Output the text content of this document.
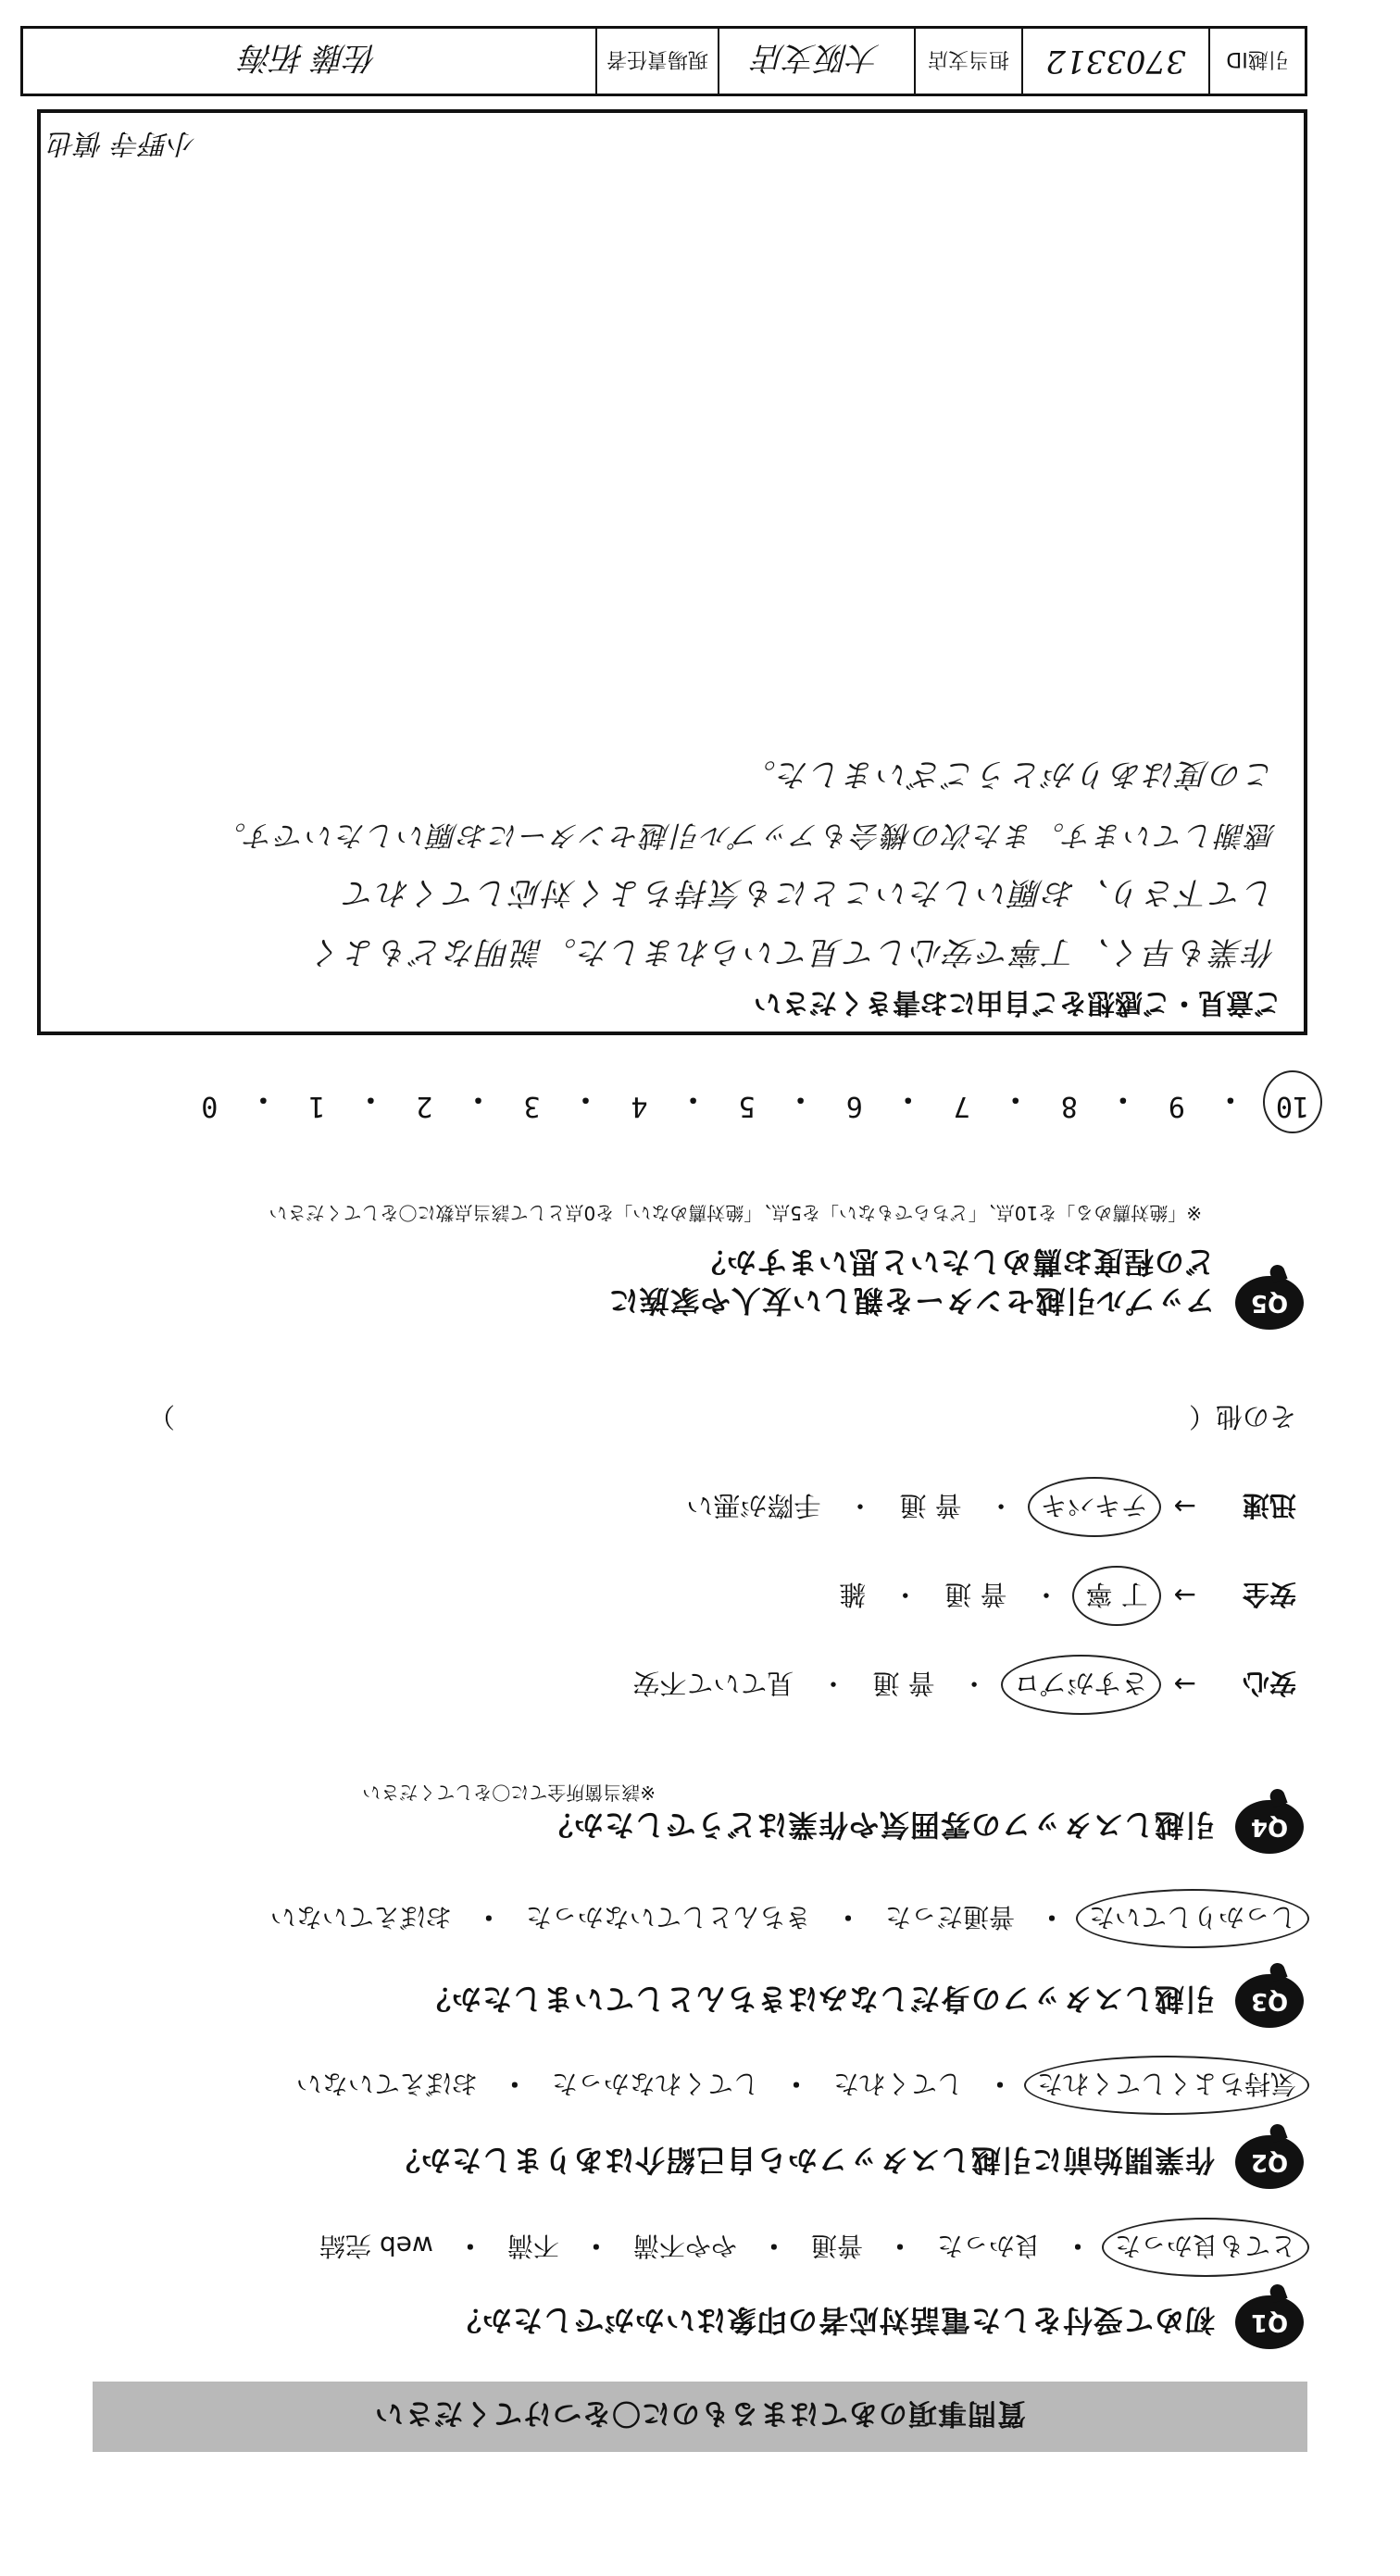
質問事項のあてはまるものに〇をつけてください
Q1
初めて受付をした電話対応者の印象はいかがでしたか？
とても良かった
・
良かった
・
普通
・
やや不満
・
不満
・
web 完結
Q2
作業開始前に引越しスタッフから自己紹介はありましたか？
気持ちよくしてくれた
・
してくれた
・
してくれなかった
・
おぼえていない
Q3
引越しスタッフの身だしなみはきちんとしていましたか？
しっかりしていた
・
普通だった
・
きちんとしていなかった
・
おぼえていない
Q4
引越しスタッフの雰囲気や作業はどうでしたか？
※該当箇所全てに〇をしてください
安心
→
さすがプロ
・
普 通
・
見ていて不安
安全
→
丁 寧
・
普 通
・
雑
迅速
→
テキパキ
・
普 通
・
手際が悪い
その他（
）
Q5
アップル引越センターを親しい友人や家族に
どの程度お薦めしたいと思いますか？
※「絶対薦める」を10点、「どちらでもない」を5点、「絶対薦めない」を0点として該当点数に〇をしてください
10
・
9
・
8
・
7
・
6
・
5
・
4
・
3
・
2
・
1
・
0
ご意見・ご感想をご自由にお書きください
作業も早く、丁寧で安心して見ていられました。説明などもよく
して下さり、お願いしたいことにも気持ちよく対応してくれて
感謝しています。また次の機会もアップル引越センターにお願いしたいです。
この度はありがとうございました。
小野寺 慎也
引越ID
3703312
担当支店
大阪支店
現場責任者
佐藤 拓海
